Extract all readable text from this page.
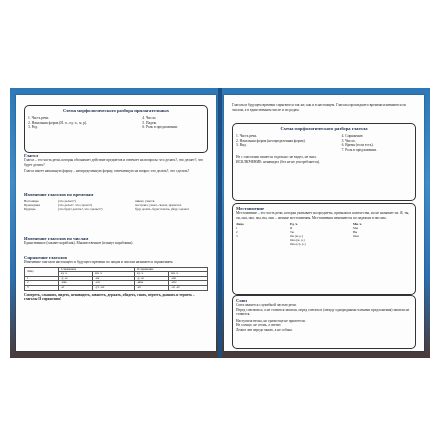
Схема морфологического разбора прилагательных
1. Часть речи.
2. Начальная форма (И. п., ед. ч., м. р).
3. Род.
4. Число.
5. Падеж.
6. Роль в предложении.
Глагол
Глагол – это часть речи, которая обозначает действие предметов и отвечает на вопросы: что делать?, что делает?, что будет делать?
Глагол имеет начальную форму – неопределенную форму, отвечающую на вопрос что делать?, что сделать?
Изменение глаголов по временам
Настоящее	(что делает?)	пишет, учится.
Прошедшее	(что делал?, что сделал?)	построил, узнал, сказал, прилетел.
Будущее	(что будет делать?, что сделает?)	буду делать, будет пахать, уйду, сделает.
Изменение глаголов по числам
Единственное (плывет кораблик). Множественное (плывут кораблики).
Спряжение глаголов
Изменение глаголов настоящего и будущего времени по лицам и числам называется спряжением.
Лицо	I спряжение		II спряжение	
	ед. ч.	мн. ч.	ед. ч.	мн. ч.
1	-у, -ю	-ем	-у, -ю	-им
2	-ешь	-ете	-ишь	-ите
3	-ет	-ут, -ют	-ит	-ат, -ят
Смотреть, слышать, видеть, ненавидеть, зависеть, держать, обидеть, гнать, вертеть, дышать и терпеть – глаголы II спряжения!
Глаголы в будущем времени спрягаются так же, как и в настоящем. Глаголы прошедшего времени изменяются по числам, а в единственном числе и по родам.
Схема морфологического разбора глагола
1. Часть речи.
2. Начальная форма (неопределенная форма).
3. Вид.
4. Спряжение.
5. Число.
6. Время (если есть).
7. Роль в предложении.
Не с глаголами пишется отдельно: не видел, не знал.
ИСКЛЮЧЕНИЕ: ненавидел (без не не употребляется).
Местоимение
Местоимение – это часть речи, которая указывает на предметы, признаки и количества, но не называет их. Я, ты, он, она, оно, мы, вы, они – личные местоимения. Местоимения изменяются по падежам и числам.
Лицо	Ед. ч.	Мн. ч.
1	Я	Мы
2	Ты	Вы
3	Он (м. р.)	Они
Она (ж. р.)
Оно (ср. р.)
Союз
Союз является служебной частью речи.
Перед союзами и, а не ставится запятая, перед союзом и (между однородными членами предложения) запятая не ставится.
Наступила весна, но грачи еще не прилетели.
Не солнце, не огонь, а светит.
Лежит лев передо мною, а не собака.
